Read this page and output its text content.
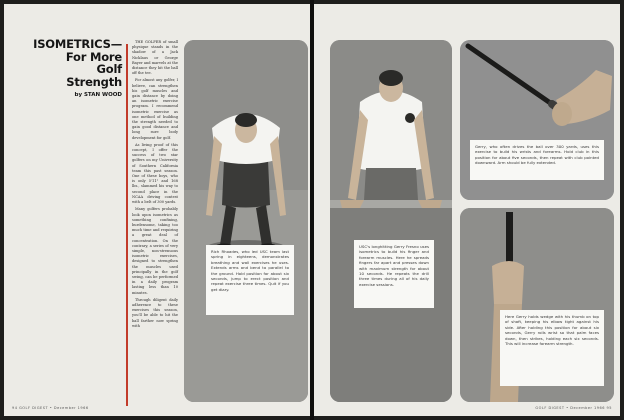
ISOMETRICS—
For More
Golf
Strength
by STAN WOOD

THE GOLFER of small physique stands in the shadow of a Jack Nicklaus or George Bayer and marvels at the distance they hit the ball off the tee.

For almost any golfer, I believe, can strengthen his golf muscles and gain distance by doing an isometric exercise program. I recommend isometric exercise as one method of building the strength needed to gain good distance and long sure body development for golf.

As living proof of this concept, I offer the success of two star golfers on my University of Southern California team this past season. One of these boys, who is only 5'11" and 168 lbs., slammed his way to second place in the NCAA driving contest with a belt of 300 yards.

Many golfers probably look upon isometrics as something confining, burdensome, taking too much time and requiring a great deal of concentration. On the contrary, a series of very simple, non-strenuous isometric exercises, designed to strengthen the muscles used principally in the golf swing, can be performed in a daily program lasting less than 10 minutes.

Through diligent daily adherence to these exercises this season, you'll be able to hit the ball farther now spring with

Rich Rhoades, who led USC team last spring in eighteens, demonstrates breathing and wall exercises he uses. Extends arms and bend to parallel to the ground. Hold position for about six seconds, jump to erect position and repeat exercise three times. Quit if you get dizzy.
94 GOLF DIGEST • December 1966
USC's longhitting Gerry Fresno uses isometrics to build his finger and forearm muscles. Here he spreads fingers far apart and presses down with maximum strength for about 10 seconds. He repeats the drill three times during all of his daily exercise sessions.
Gerry, who often drives the ball over 300 yards, uses this exercise to build his wrists and forearms. Hold club in this position for about five seconds, then repeat with club pointed downward. Arm should be fully extended.
Here Gerry holds wedge with his thumb on top of shaft, keeping his elbow tight against his side. After holding this position for about six seconds, Gerry rolls wrist so that palm faces down, then strikes, holding each six seconds. This will increase forearm strength.
GOLF DIGEST • December 1966 95
